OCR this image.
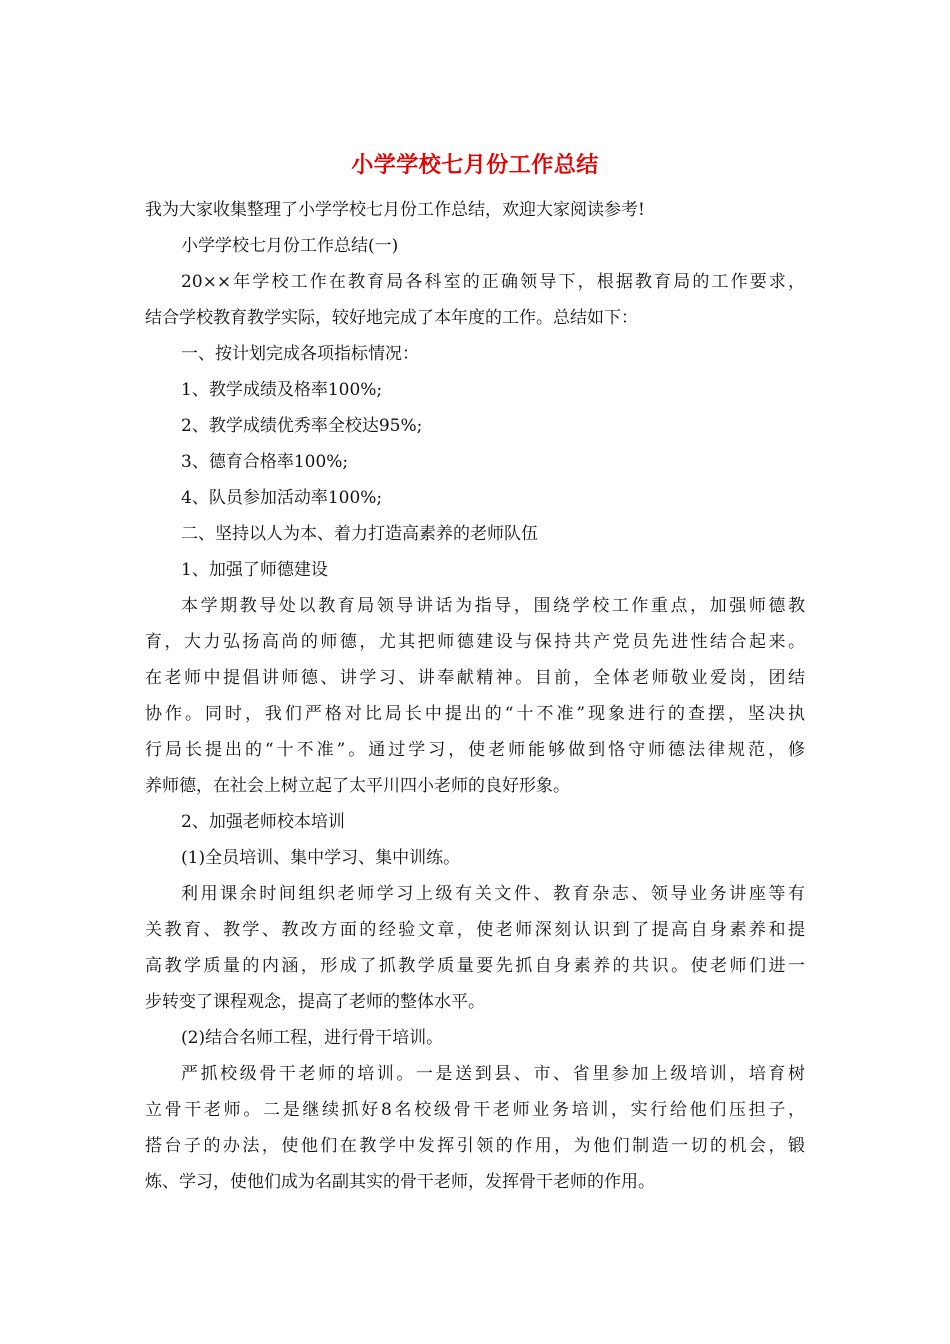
小学学校七月份工作总结

我为大家收集整理了小学学校七月份工作总结，欢迎大家阅读参考!

小学学校七月份工作总结(一)

20××年学校工作在教育局各科室的正确领导下，根据教育局的工作要求，

结合学校教育教学实际，较好地完成了本年度的工作。总结如下：

一、按计划完成各项指标情况：

1、教学成绩及格率100%;

2、教学成绩优秀率全校达95%;

3、德育合格率100%;

4、队员参加活动率100%;

二、坚持以人为本、着力打造高素养的老师队伍

1、加强了师德建设

本学期教导处以教育局领导讲话为指导，围绕学校工作重点，加强师德教

育，大力弘扬高尚的师德，尤其把师德建设与保持共产党员先进性结合起来。

在老师中提倡讲师德、讲学习、讲奉献精神。目前，全体老师敬业爱岗，团结

协作。同时，我们严格对比局长中提出的“十不准”现象进行的查摆，坚决执

行局长提出的“十不准”。通过学习，使老师能够做到恪守师德法律规范，修

养师德，在社会上树立起了太平川四小老师的良好形象。

2、加强老师校本培训

(1)全员培训、集中学习、集中训练。

利用课余时间组织老师学习上级有关文件、教育杂志、领导业务讲座等有

关教育、教学、教改方面的经验文章，使老师深刻认识到了提高自身素养和提

高教学质量的内涵，形成了抓教学质量要先抓自身素养的共识。使老师们进一

步转变了课程观念，提高了老师的整体水平。

(2)结合名师工程，进行骨干培训。

严抓校级骨干老师的培训。一是送到县、市、省里参加上级培训，培育树

立骨干老师。二是继续抓好8名校级骨干老师业务培训，实行给他们压担子，

搭台子的办法，使他们在教学中发挥引领的作用，为他们制造一切的机会，锻

炼、学习，使他们成为名副其实的骨干老师，发挥骨干老师的作用。
